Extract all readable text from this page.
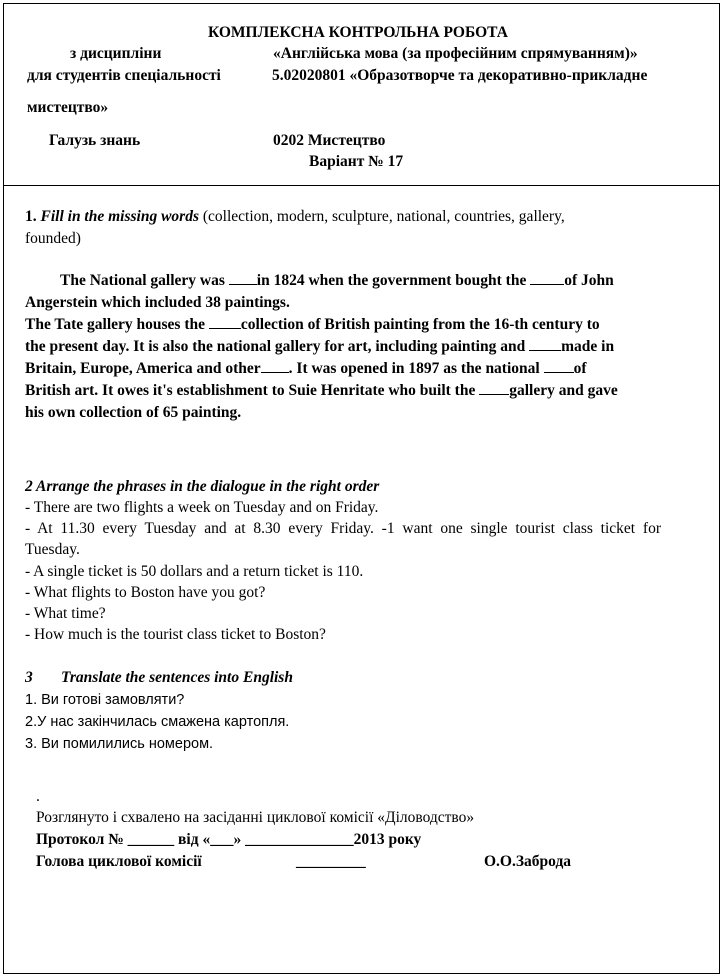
КОМПЛЕКСНА КОНТРОЛЬНА РОБОТА
з дисципліни	«Англійська мова (за професійним спрямуванням)»
для студентів спеціальності	5.02020801 «Образотворче та декоративно-прикладне
мистецтво»
Галузь знань	0202 Мистецтво
Варіант № 17
1. Fill in the missing words (collection, modern, sculpture, national, countries, gallery,
founded)
The National gallery was in 1824 when the government bought the of John
Angerstein which included 38 paintings.
The Tate gallery houses the collection of British painting from the 16-th century to
the present day. It is also the national gallery for art, including painting and made in
Britain, Europe, America and other . It was opened in 1897 as the national of
British art. It owes it's establishment to Suie Henritate who built the gallery and gave
his own collection of 65 painting.
2 Arrange the phrases in the dialogue in the right order
- There are two flights a week on Tuesday and on Friday.
- At 11.30 every Tuesday and at 8.30 every Friday. -1 want one single tourist class ticket for
Tuesday.
- A single ticket is 50 dollars and a return ticket is 110.
- What flights to Boston have you got?
- What time?
- How much is the tourist class ticket to Boston?
3 Translate the sentences into English
1. Ви готові замовляти?
2.У нас закінчилась смажена картопля.
3. Ви помилились номером.
.
Розглянуто і схвалено на засіданні циклової комісії «Діловодство»
Протокол № ______ від «___» ______________2013 року
Голова циклової комісії	_________	О.О.Заброда
